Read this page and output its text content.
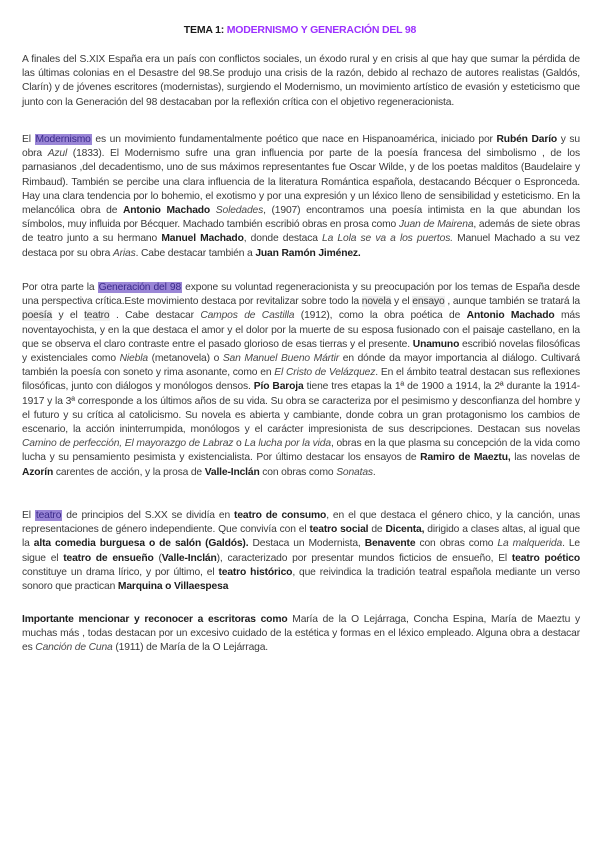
TEMA 1: MODERNISMO Y GENERACIÓN DEL 98
A finales del S.XIX España era un país con conflictos sociales, un éxodo rural y en crisis al que hay que sumar la pérdida de las últimas colonias en el Desastre del 98.Se produjo una crisis de la razón, debido al rechazo de autores realistas (Galdós, Clarín) y de jóvenes escritores (modernistas), surgiendo el Modernismo, un movimiento artístico de evasión y esteticismo que junto con la Generación del 98 destacaban por la reflexión crítica con el objetivo regeneracionista.
El Modernismo es un movimiento fundamentalmente poético que nace en Hispanoamérica, iniciado por Rubén Darío y su obra Azul (1833). El Modernismo sufre una gran influencia por parte de la poesía francesa del simbolismo , de los parnasianos ,del decadentismo, uno de sus máximos representantes fue Oscar Wilde, y de los poetas malditos (Baudelaire y Rimbaud). También se percibe una clara influencia de la literatura Romántica española, destacando Bécquer o Espronceda. Hay una clara tendencia por lo bohemio, el exotismo y por una expresión y un léxico lleno de sensibilidad y esteticismo. En la melancólica obra de Antonio Machado Soledades, (1907) encontramos una poesía intimista en la que abundan los símbolos, muy influida por Bécquer. Machado también escribió obras en prosa como Juan de Mairena, además de siete obras de teatro junto a su hermano Manuel Machado, donde destaca La Lola se va a los puertos. Manuel Machado a su vez destaca por su obra Arias. Cabe destacar también a Juan Ramón Jiménez.
Por otra parte la Generación del 98 expone su voluntad regeneracionista y su preocupación por los temas de España desde una perspectiva crítica.Este movimiento destaca por revitalizar sobre todo la novela y el ensayo , aunque también se tratará la poesía y el teatro . Cabe destacar Campos de Castilla (1912), como la obra poética de Antonio Machado más noventayochista, y en la que destaca el amor y el dolor por la muerte de su esposa fusionado con el paisaje castellano, en la que se observa el claro contraste entre el pasado glorioso de esas tierras y el presente. Unamuno escribió novelas filosóficas y existenciales como Niebla (metanovela) o San Manuel Bueno Mártir en dónde da mayor importancia al diálogo. Cultivará también la poesía con soneto y rima asonante, como en El Cristo de Velázquez. En el ámbito teatral destacan sus reflexiones filosóficas, junto con diálogos y monólogos densos. Pío Baroja tiene tres etapas la 1ª de 1900 a 1914, la 2ª durante la 1914-1917 y la 3ª corresponde a los últimos años de su vida. Su obra se caracteriza por el pesimismo y desconfianza del hombre y el futuro y su crítica al catolicismo. Su novela es abierta y cambiante, donde cobra un gran protagonismo los cambios de escenario, la acción ininterrumpida, monólogos y el carácter impresionista de sus descripciones. Destacan sus novelas Camino de perfección, El mayorazgo de Labraz o La lucha por la vida, obras en la que plasma su concepción de la vida como lucha y su pensamiento pesimista y existencialista. Por último destacar los ensayos de Ramiro de Maeztu, las novelas de Azorín carentes de acción, y la prosa de Valle-Inclán con obras como Sonatas.
El teatro de principios del S.XX se dividía en teatro de consumo, en el que destaca el género chico, y la canción, unas representaciones de género independiente. Que convivía con el teatro social de Dicenta, dirigido a clases altas, al igual que la alta comedia burguesa o de salón (Galdós). Destaca un Modernista, Benavente con obras como La malquerida. Le sigue el teatro de ensueño (Valle-Inclán), caracterizado por presentar mundos ficticios de ensueño, El teatro poético constituye un drama lírico, y por último, el teatro histórico, que reivindica la tradición teatral española mediante un verso sonoro que practican Marquina o Villaespesa
Importante mencionar y reconocer a escritoras como María de la O Lejárraga, Concha Espina, María de Maeztu y muchas más , todas destacan por un excesivo cuidado de la estética y formas en el léxico empleado. Alguna obra a destacar es Canción de Cuna (1911) de María de la O Lejárraga.
